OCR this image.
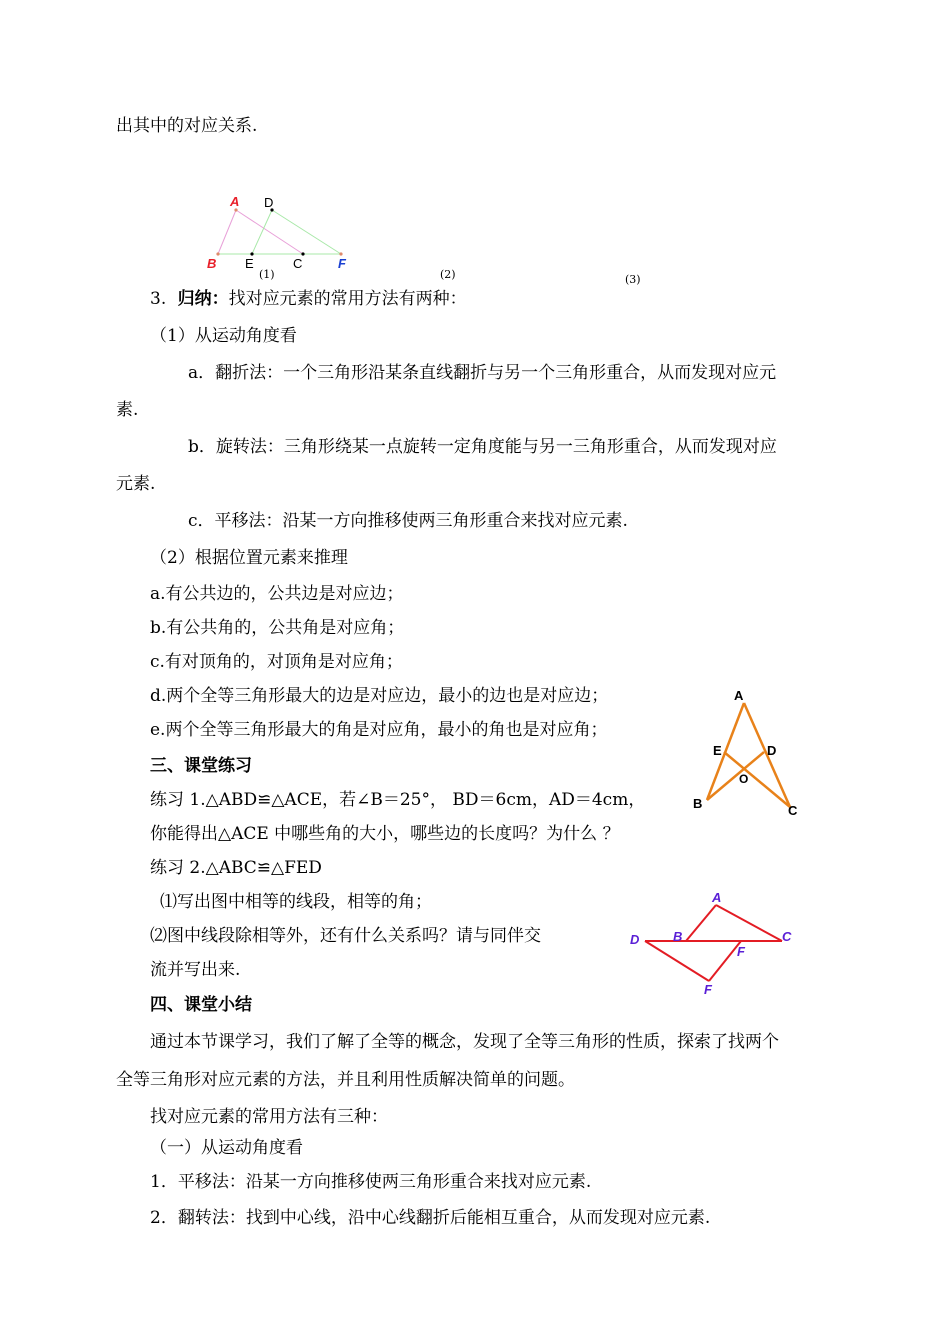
出其中的对应关系.
A D
B E	C	F
(1)	(2)	(3)
3. 归纳：找对应元素的常用方法有两种：
（1）从运动角度看
a．翻折法：一个三角形沿某条直线翻折与另一个三角形重合，从而发现对应元
素.
b．旋转法：三角形绕某一点旋转一定角度能与另一三角形重合，从而发现对应
元素.
c．平移法：沿某一方向推移使两三角形重合来找对应元素.
（2）根据位置元素来推理
a.有公共边的，公共边是对应边；
b.有公共角的，公共角是对应角；
c.有对顶角的，对顶角是对应角；
d.两个全等三角形最大的边是对应边，最小的边也是对应边；
e.两个全等三角形最大的角是对应角，最小的角也是对应角；
三、课堂练习
练习 1.△ABD≌△ACE，若∠B＝25°， BD＝6cm，AD＝4cm，
你能得出△ACE 中哪些角的大小，哪些边的长度吗？为什么 ？
练习 2.△ABC≌△FED
⑴写出图中相等的线段，相等的角；
⑵图中线段除相等外，还有什么关系吗？请与同伴交
流并写出来.
A
E	D
O
B	C
A
D	B	C
F
F
四、课堂小结
通过本节课学习，我们了解了全等的概念，发现了全等三角形的性质，探索了找两个
全等三角形对应元素的方法，并且利用性质解决简单的问题。
找对应元素的常用方法有三种：
（一）从运动角度看
1．平移法：沿某一方向推移使两三角形重合来找对应元素.
2．翻转法：找到中心线，沿中心线翻折后能相互重合，从而发现对应元素.
